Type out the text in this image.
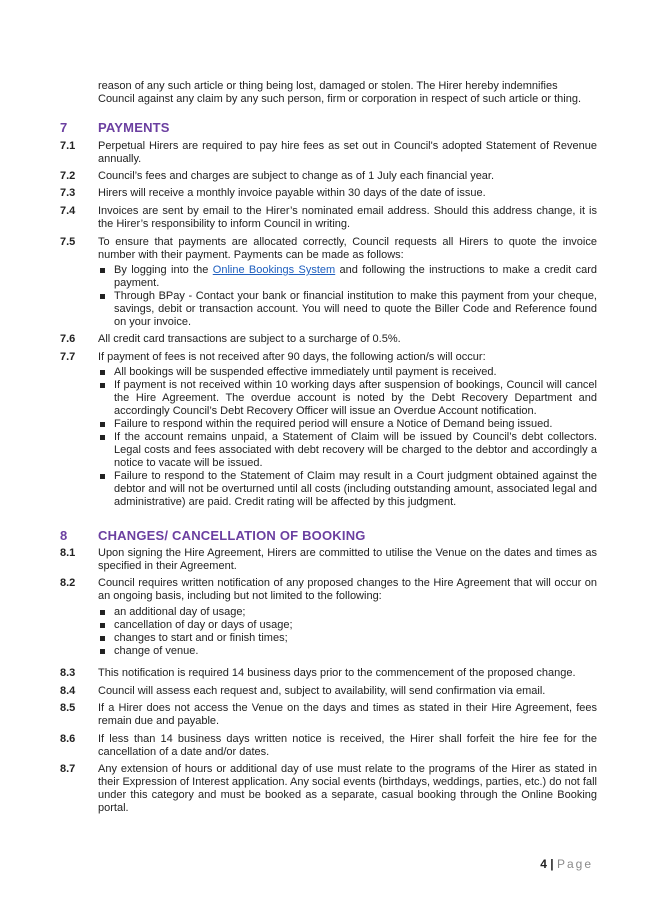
reason of any such article or thing being lost, damaged or stolen. The Hirer hereby indemnifies
Council against any claim by any such person, firm or corporation in respect of such article or thing.
7 PAYMENTS
7.1	Perpetual Hirers are required to pay hire fees as set out in Council's adopted Statement of Revenue annually.
7.2	Council’s fees and charges are subject to change as of 1 July each financial year.
7.3	Hirers will receive a monthly invoice payable within 30 days of the date of issue.
7.4	Invoices are sent by email to the Hirer’s nominated email address. Should this address change, it is the Hirer’s responsibility to inform Council in writing.
7.5	To ensure that payments are allocated correctly, Council requests all Hirers to quote the invoice number with their payment. Payments can be made as follows:
By logging into the Online Bookings System and following the instructions to make a credit card payment.
Through BPay - Contact your bank or financial institution to make this payment from your cheque, savings, debit or transaction account. You will need to quote the Biller Code and Reference found on your invoice.
7.6	All credit card transactions are subject to a surcharge of 0.5%.
7.7	If payment of fees is not received after 90 days, the following action/s will occur:
All bookings will be suspended effective immediately until payment is received.
If payment is not received within 10 working days after suspension of bookings, Council will cancel the Hire Agreement. The overdue account is noted by the Debt Recovery Department and accordingly Council’s Debt Recovery Officer will issue an Overdue Account notification.
Failure to respond within the required period will ensure a Notice of Demand being issued.
If the account remains unpaid, a Statement of Claim will be issued by Council’s debt collectors. Legal costs and fees associated with debt recovery will be charged to the debtor and accordingly a notice to vacate will be issued.
Failure to respond to the Statement of Claim may result in a Court judgment obtained against the debtor and will not be overturned until all costs (including outstanding amount, associated legal and administrative) are paid. Credit rating will be affected by this judgment.
8 CHANGES/ CANCELLATION OF BOOKING
8.1	Upon signing the Hire Agreement, Hirers are committed to utilise the Venue on the dates and times as specified in their Agreement.
8.2	Council requires written notification of any proposed changes to the Hire Agreement that will occur on an ongoing basis, including but not limited to the following:
an additional day of usage;
cancellation of day or days of usage;
changes to start and or finish times;
change of venue.
8.3	This notification is required 14 business days prior to the commencement of the proposed change.
8.4	Council will assess each request and, subject to availability, will send confirmation via email.
8.5	If a Hirer does not access the Venue on the days and times as stated in their Hire Agreement, fees remain due and payable.
8.6	If less than 14 business days written notice is received, the Hirer shall forfeit the hire fee for the cancellation of a date and/or dates.
8.7	Any extension of hours or additional day of use must relate to the programs of the Hirer as stated in their Expression of Interest application. Any social events (birthdays, weddings, parties, etc.) do not fall under this category and must be booked as a separate, casual booking through the Online Booking portal.
4 | Page
